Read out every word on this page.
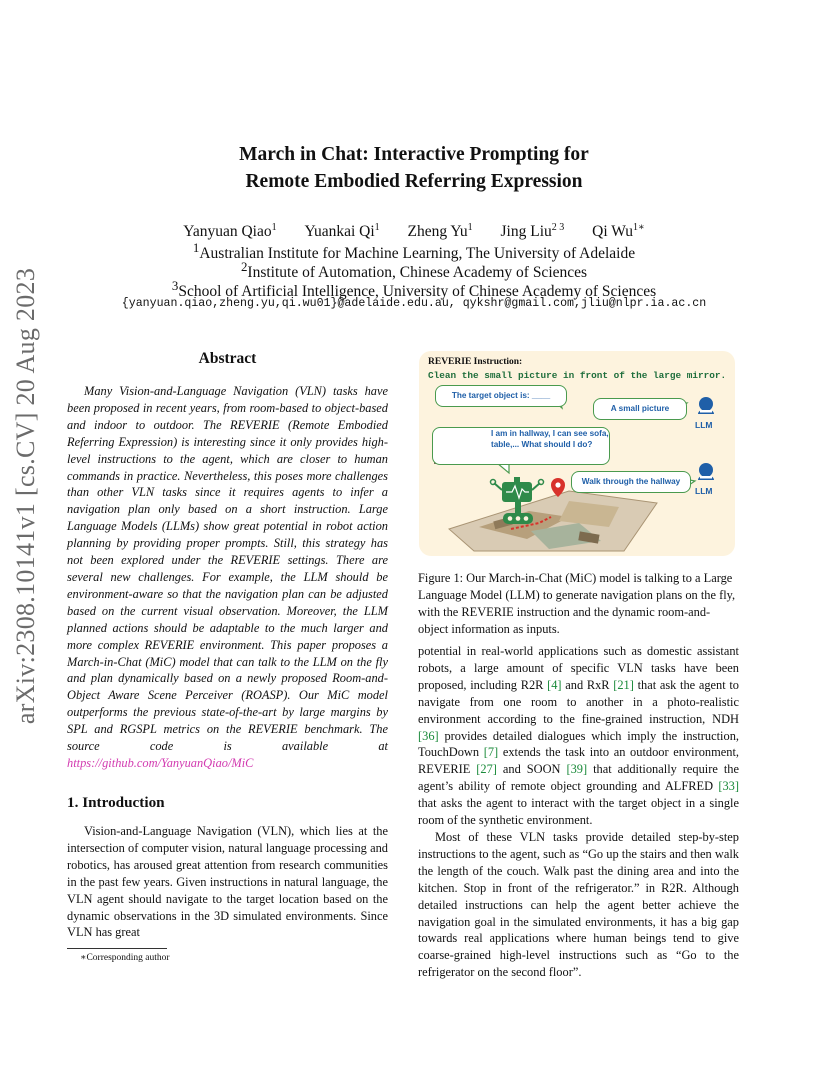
arXiv:2308.10141v1 [cs.CV] 20 Aug 2023
March in Chat: Interactive Prompting for
Remote Embodied Referring Expression
Yanyuan Qiao$^1$ Yuankai Qi$^1$ Zheng Yu$^1$ Jing Liu$^{2 3}$ Qi $Wu^{1∗}$
$^1$Australian Institute for Machine Learning, The University of Adelaide
$^2$Institute of Automation, Chinese Academy of Sciences
$^3$School of Artificial Intelligence, University of Chinese Academy of Sciences
{yanyuan.qiao,zheng.yu,qi.wu01}@adelaide.edu.au, qykshr@gmail.com,jliu@nlpr.ia.ac.cn
Abstract
Many Vision-and-Language Navigation (VLN) tasks have been proposed in recent years, from room-based to object-based and indoor to outdoor. The REVERIE (Remote Embodied Referring Expression) is interesting since it only provides high-level instructions to the agent, which are closer to human commands in practice. Nevertheless, this poses more challenges than other VLN tasks since it requires agents to infer a navigation plan only based on a short instruction. Large Language Models (LLMs) show great potential in robot action planning by providing proper prompts. Still, this strategy has not been explored under the REVERIE settings. There are several new challenges. For example, the LLM should be environment-aware so that the navigation plan can be adjusted based on the current visual observation. Moreover, the LLM planned actions should be adaptable to the much larger and more complex REVERIE environment. This paper proposes a March-in-Chat (MiC) model that can talk to the LLM on the fly and plan dynamically based on a newly proposed Room-and-Object Aware Scene Perceiver (ROASP). Our MiC model outperforms the previous state-of-the-art by large margins by SPL and RGSPL metrics on the REVERIE benchmark. The source code is available at https://github.com/YanyuanQiao/MiC
1. Introduction
Vision-and-Language Navigation (VLN), which lies at the intersection of computer vision, natural language processing and robotics, has aroused great attention from research communities in the past few years. Given instructions in natural language, the VLN agent should navigate to the target location based on the dynamic observations in the 3D simulated environments. Since VLN has great
∗Corresponding author
REVERIE Instruction:
Clean the small picture in front of the large mirror.
The target object is: ____
A small picture
LLM
I am in hallway, I can see sofa, table,... What should I do?
Walk through the hallway
LLM
Figure 1: Our March-in-Chat (MiC) model is talking to a Large Language Model (LLM) to generate navigation plans on the fly, with the REVERIE instruction and the dynamic room-and-object information as inputs.

potential in real-world applications such as domestic assistant robots, a large amount of specific VLN tasks have been proposed, including R2R [4] and RxR [21] that ask the agent to navigate from one room to another in a photo-realistic environment according to the fine-grained instruction, NDH [36] provides detailed dialogues which imply the instruction, TouchDown [7] extends the task into an outdoor environment, REVERIE [27] and SOON [39] that additionally require the agent’s ability of remote object grounding and ALFRED [33] that asks the agent to interact with the target object in a single room of the synthetic environment.

Most of these VLN tasks provide detailed step-by-step instructions to the agent, such as “Go up the stairs and then walk the length of the couch. Walk past the dining area and into the kitchen. Stop in front of the refrigerator.” in R2R. Although detailed instructions can help the agent better achieve the navigation goal in the simulated environments, it has a big gap towards real applications where human beings tend to give coarse-grained high-level instructions such as “Go to the refrigerator on the second floor”.
